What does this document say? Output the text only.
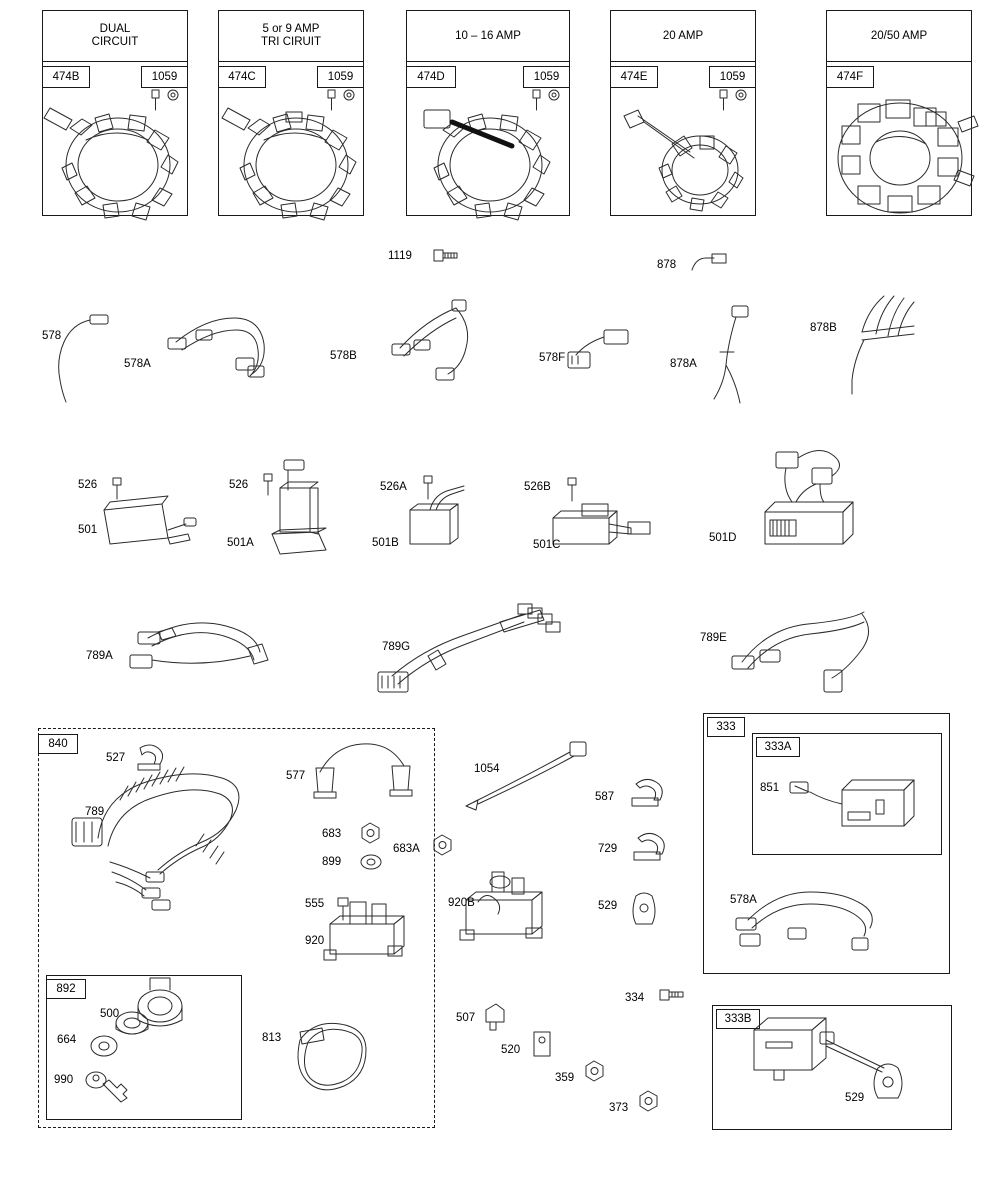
DUAL
CIRCUIT
474B	1059
5 or 9 AMP
TRI CIRUIT
474C	1059
10 – 16 AMP
474D	1059
20 AMP
474E	1059
20/50 AMP
474F
840
892
333
333A
333B
1119
878
578
578A
578B	578F	878A
878B
526
501
526
501A
526A
501B
526B
501C
501D
789A
789G
789E
527
577
1054
587
789
683
683A	729
899
529
555	920B
920
500
664
990
813
507
520
359
373
334
851
578A
529
